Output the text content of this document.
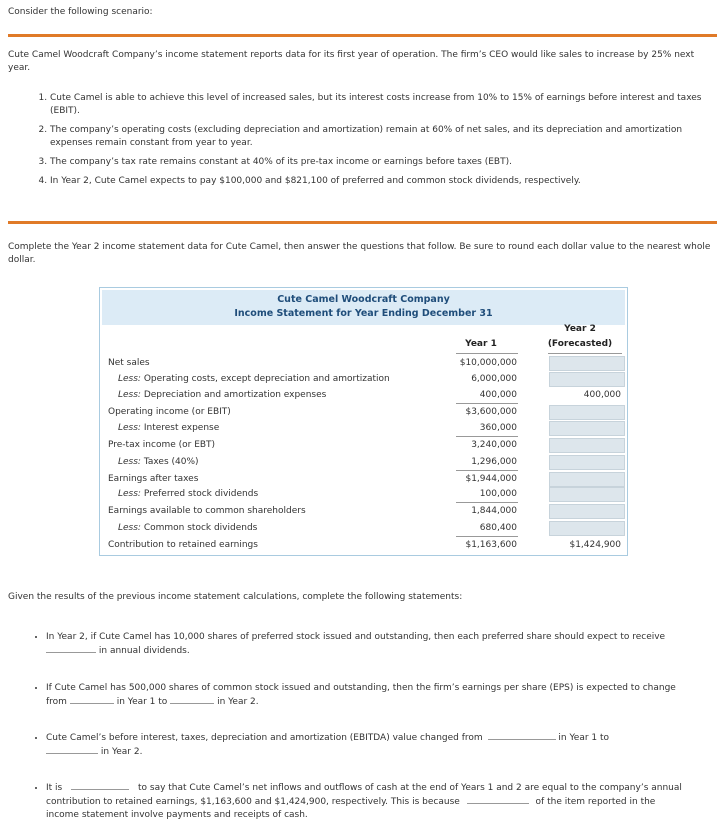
Consider the following scenario:
Cute Camel Woodcraft Company’s income statement reports data for its first year of operation. The firm’s CEO would like sales to increase by 25% next year.
1. Cute Camel is able to achieve this level of increased sales, but its interest costs increase from 10% to 15% of earnings before interest and taxes (EBIT).
2. The company’s operating costs (excluding depreciation and amortization) remain at 60% of net sales, and its depreciation and amortization expenses remain constant from year to year.
3. The company’s tax rate remains constant at 40% of its pre-tax income or earnings before taxes (EBT).
4. In Year 2, Cute Camel expects to pay $100,000 and $821,100 of preferred and common stock dividends, respectively.
Complete the Year 2 income statement data for Cute Camel, then answer the questions that follow. Be sure to round each dollar value to the nearest whole dollar.
Cute Camel Woodcraft Company
Income Statement for Year Ending December 31
Year 1
Year 2
(Forecasted)
Net sales	$10,000,000
Less: Operating costs, except depreciation and amortization	6,000,000
Less: Depreciation and amortization expenses	400,000	400,000
Operating income (or EBIT)	$3,600,000
Less: Interest expense	360,000
Pre-tax income (or EBT)	3,240,000
Less: Taxes (40%)	1,296,000
Earnings after taxes	$1,944,000
Less: Preferred stock dividends	100,000
Earnings available to common shareholders	1,844,000
Less: Common stock dividends	680,400
Contribution to retained earnings	$1,163,600	$1,424,900
Given the results of the previous income statement calculations, complete the following statements:
• In Year 2, if Cute Camel has 10,000 shares of preferred stock issued and outstanding, then each preferred share should expect to receive
in annual dividends.
• If Cute Camel has 500,000 shares of common stock issued and outstanding, then the firm’s earnings per share (EPS) is expected to change
from	in Year 1 to	in Year 2.
• Cute Camel’s before interest, taxes, depreciation and amortization (EBITDA) value changed from	in Year 1 to
in Year 2.
• It is	to say that Cute Camel’s net inflows and outflows of cash at the end of Years 1 and 2 are equal to the company’s annual
contribution to retained earnings, $1,163,600 and $1,424,900, respectively. This is because	of the item reported in the
income statement involve payments and receipts of cash.
